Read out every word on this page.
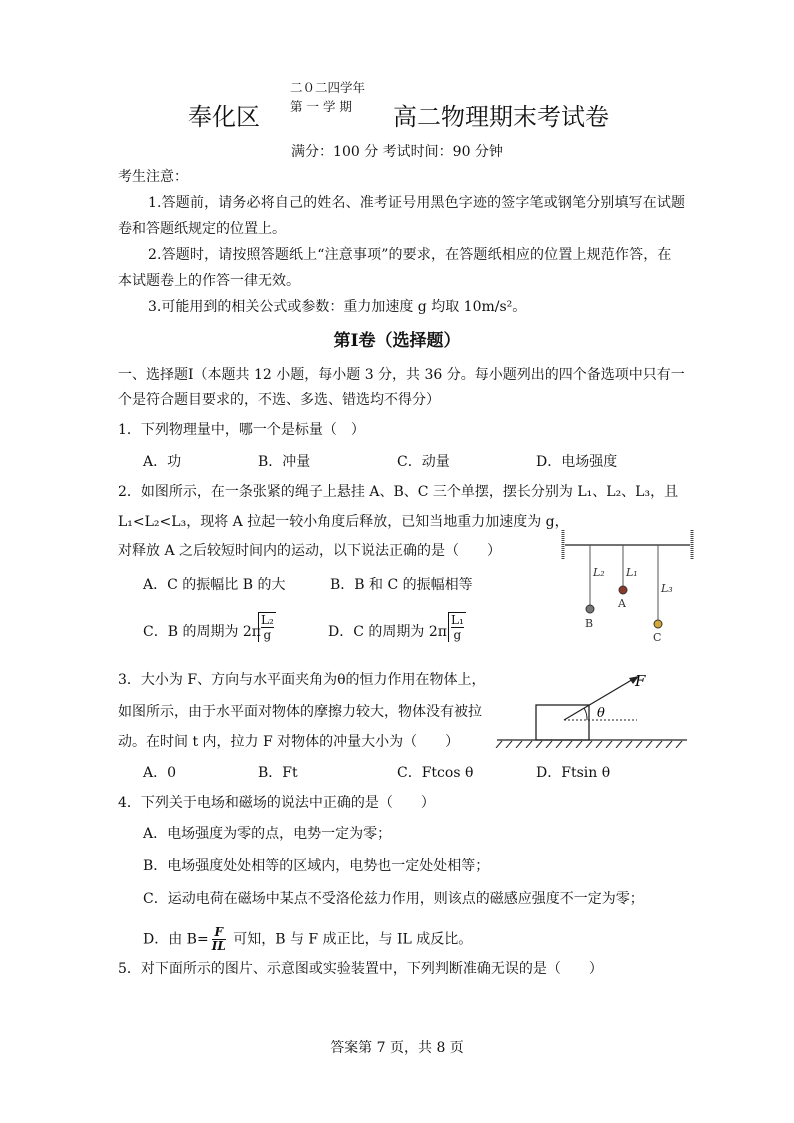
二０二四学年
第 一 学 期
奉化区	高二物理期末考试卷
满分：100 分 考试时间：90 分钟
考生注意：
1.答题前，请务必将自己的姓名、准考证号用黑色字迹的签字笔或钢笔分别填写在试题
卷和答题纸规定的位置上。
2.答题时，请按照答题纸上“注意事项”的要求，在答题纸相应的位置上规范作答，在
本试题卷上的作答一律无效。
3.可能用到的相关公式或参数：重力加速度 g 均取 10m/s²。
第Ⅰ卷（选择题）
一、选择题Ⅰ（本题共 12 小题，每小题 3 分，共 36 分。每小题列出的四个备选项中只有一
个是符合题目要求的，不选、多选、错选均不得分）
1．下列物理量中，哪一个是标量（　）
A．功	B．冲量	C．动量	D．电场强度
2．如图所示，在一条张紧的绳子上悬挂 A、B、C 三个单摆，摆长分别为 L₁、L₂、L₃，且
L₁<L₂<L₃，现将 A 拉起一较小角度后释放，已知当地重力加速度为 g，
对释放 A 之后较短时间内的运动，以下说法正确的是（　　）
A．C 的振幅比 B 的大	B．B 和 C 的振幅相等
C．B 的周期为 2π
L₂
g	D．C 的周期为 2π
L₁
g
L₂ L₁
L₃
A
B
C
3．大小为 F、方向与水平面夹角为θ的恒力作用在物体上，
如图所示，由于水平面对物体的摩擦力较大，物体没有被拉
动。在时间 t 内，拉力 F 对物体的冲量大小为（　　）
A．0	B．Ft	C．Ftcos θ	D．Ftsin θ
F
θ
4．下列关于电场和磁场的说法中正确的是（　　）
A．电场强度为零的点，电势一定为零；
B．电场强度处处相等的区域内，电势也一定处处相等；
C．运动电荷在磁场中某点不受洛伦兹力作用，则该点的磁感应强度不一定为零；
D．由 $B= \frac{F}{IL}$ 可知，B 与 F 成正比，与 IL 成反比。
5．对下面所示的图片、示意图或实验装置中，下列判断准确无误的是（　　）
答案第 7 页，共 8 页
